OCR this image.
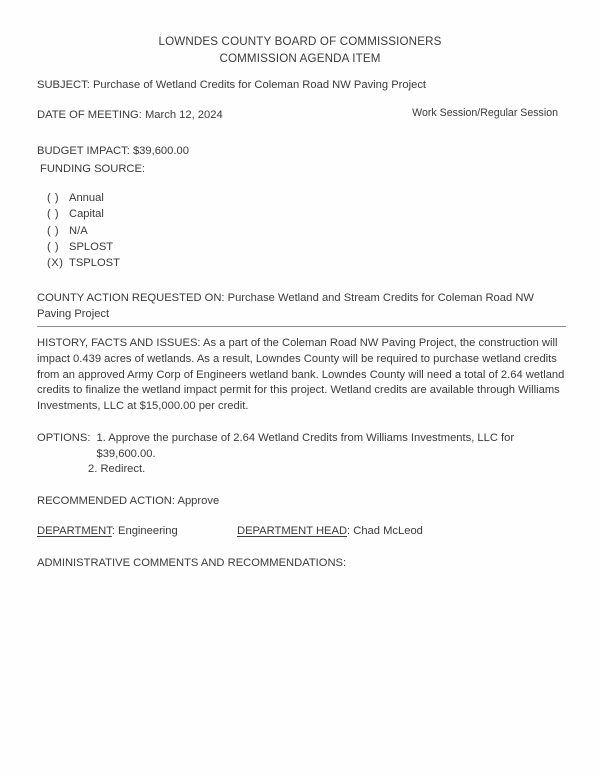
LOWNDES COUNTY BOARD OF COMMISSIONERS
COMMISSION AGENDA ITEM
SUBJECT: Purchase of Wetland Credits for Coleman Road NW Paving Project
DATE OF MEETING: March 12, 2024	Work Session/Regular Session
BUDGET IMPACT: $39,600.00
FUNDING SOURCE:
( ) Annual
( ) Capital
( ) N/A
( ) SPLOST
(X) TSPLOST
COUNTY ACTION REQUESTED ON: Purchase Wetland and Stream Credits for Coleman Road NW Paving Project
HISTORY, FACTS AND ISSUES: As a part of the Coleman Road NW Paving Project, the construction will impact 0.439 acres of wetlands. As a result, Lowndes County will be required to purchase wetland credits from an approved Army Corp of Engineers wetland bank. Lowndes County will need a total of 2.64 wetland credits to finalize the wetland impact permit for this project. Wetland credits are available through Williams Investments, LLC at $15,000.00 per credit.
OPTIONS: 1. Approve the purchase of 2.64 Wetland Credits from Williams Investments, LLC for $39,600.00.
2. Redirect.
RECOMMENDED ACTION: Approve
DEPARTMENT: Engineering	DEPARTMENT HEAD: Chad McLeod
ADMINISTRATIVE COMMENTS AND RECOMMENDATIONS:
